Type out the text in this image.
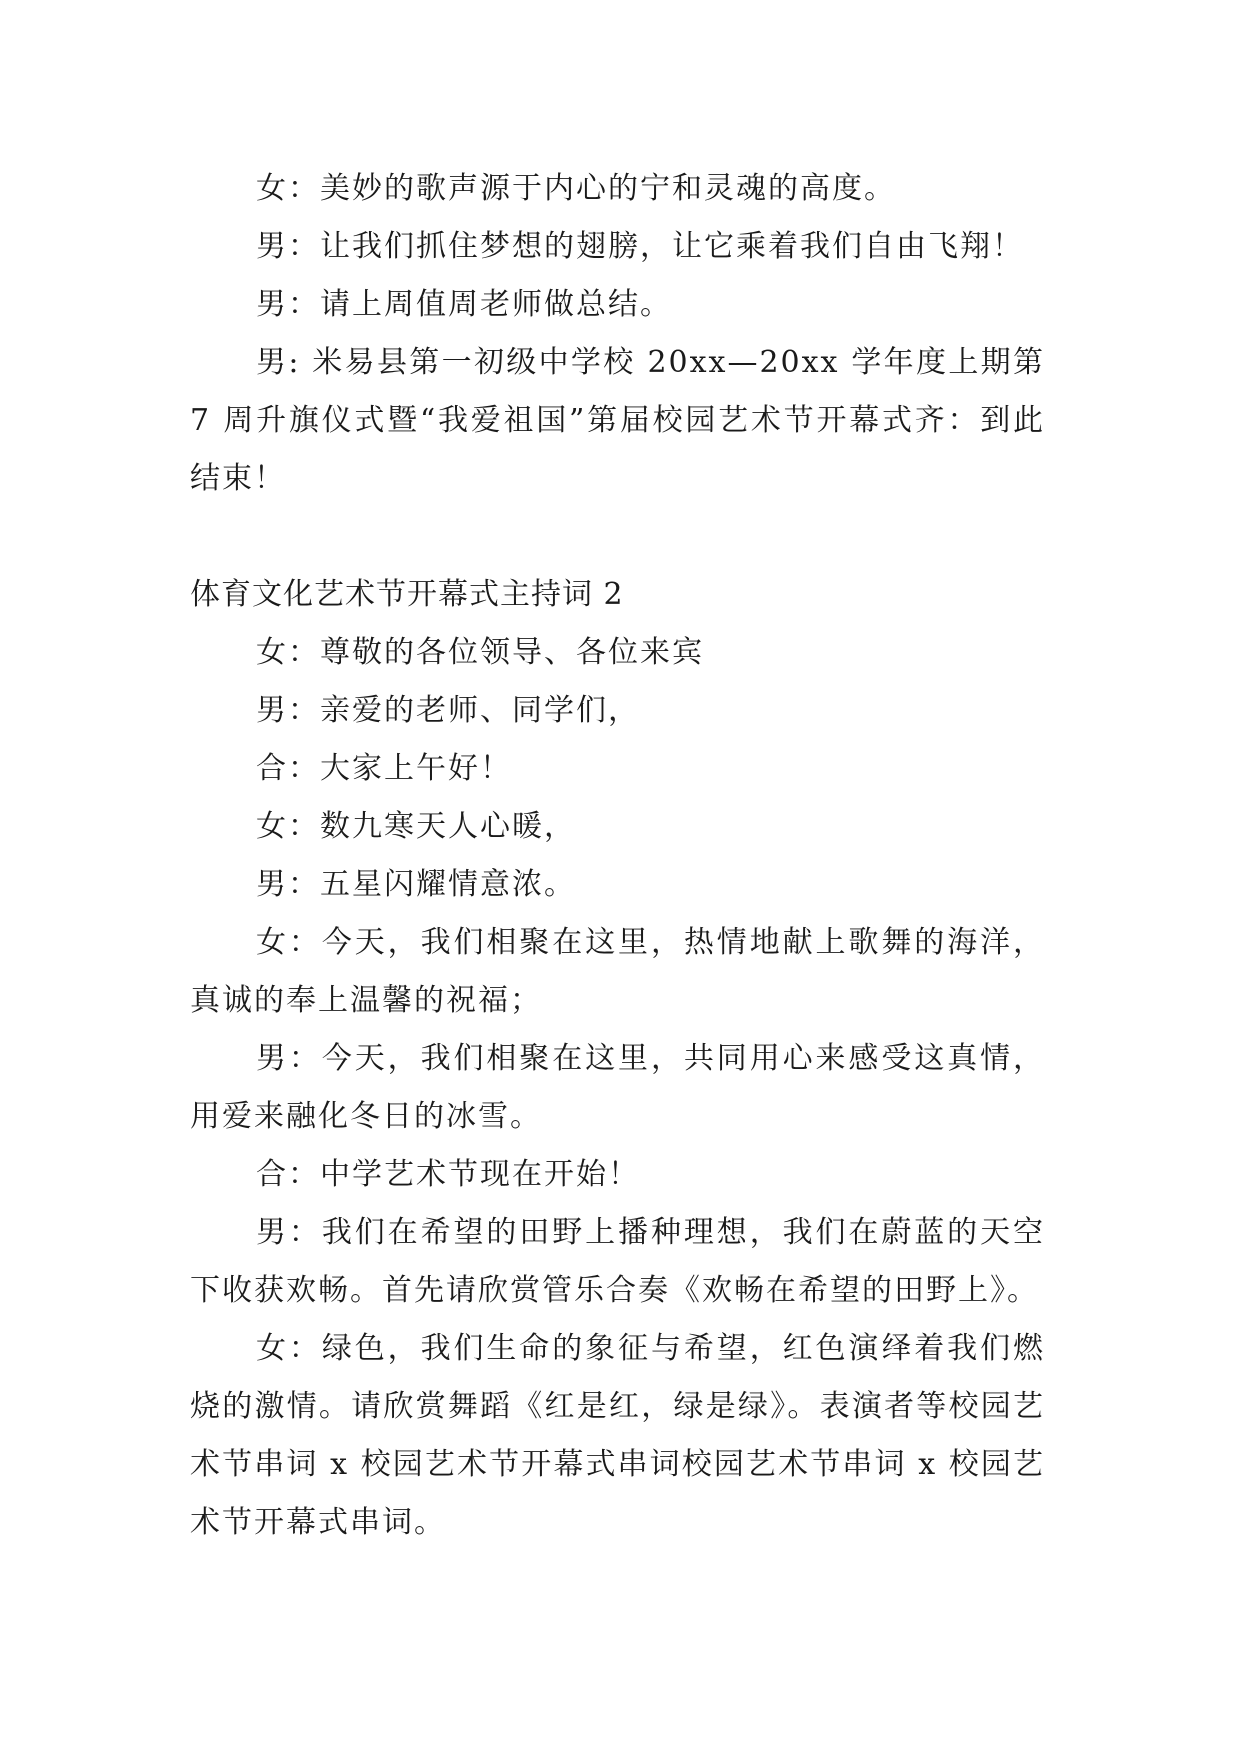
女：美妙的歌声源于内心的宁和灵魂的高度。

男：让我们抓住梦想的翅膀，让它乘着我们自由飞翔！

男：请上周值周老师做总结。

男: 米易县第一初级中学校 20xx—20xx 学年度上期第 7 周升旗仪式暨“我爱祖国”第届校园艺术节开幕式齐：到此结束！

体育文化艺术节开幕式主持词 2

女：尊敬的各位领导、各位来宾

男：亲爱的老师、同学们，

合：大家上午好！

女：数九寒天人心暖，

男：五星闪耀情意浓。

女：今天，我们相聚在这里，热情地献上歌舞的海洋，真诚的奉上温馨的祝福；

男：今天，我们相聚在这里，共同用心来感受这真情，用爱来融化冬日的冰雪。

合：中学艺术节现在开始！

男：我们在希望的田野上播种理想，我们在蔚蓝的天空下收获欢畅。首先请欣赏管乐合奏《欢畅在希望的田野上》。

女：绿色，我们生命的象征与希望，红色演绎着我们燃烧的激情。请欣赏舞蹈《红是红，绿是绿》。表演者等校园艺术节串词 x 校园艺术节开幕式串词校园艺术节串词 x 校园艺术节开幕式串词。
